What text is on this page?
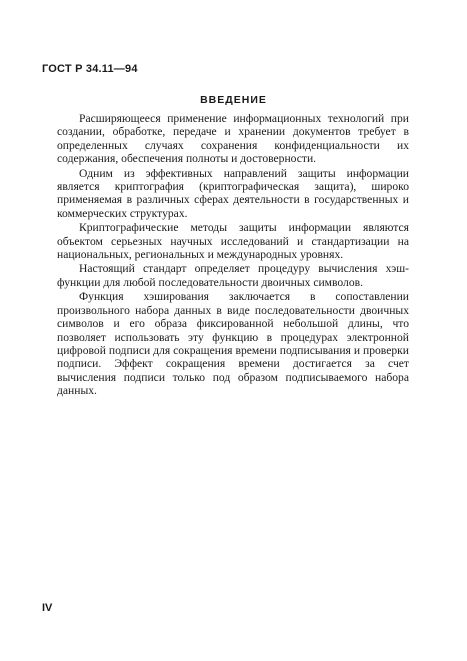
ГОСТ Р 34.11—94
ВВЕДЕНИЕ

Расширяющееся применение информационных технологий при создании, обработке, передаче и хранении документов требует в определенных случаях сохранения конфиденциальности их содержания, обеспечения полноты и достоверности.

Одним из эффективных направлений защиты информации является криптография (криптографическая защита), широко применяемая в различных сферах деятельности в государственных и коммерческих структурах.

Криптографические методы защиты информации являются объектом серьезных научных исследований и стандартизации на национальных, региональных и международных уровнях.

Настоящий стандарт определяет процедуру вычисления хэш-функции для любой последовательности двоичных символов.

Функция хэширования заключается в сопоставлении произвольного набора данных в виде последовательности двоичных символов и его образа фиксированной небольшой длины, что позволяет использовать эту функцию в процедурах электронной цифровой подписи для сокращения времени подписывания и проверки подписи. Эффект сокращения времени достигается за счет вычисления подписи только под образом подписываемого набора данных.

IV
